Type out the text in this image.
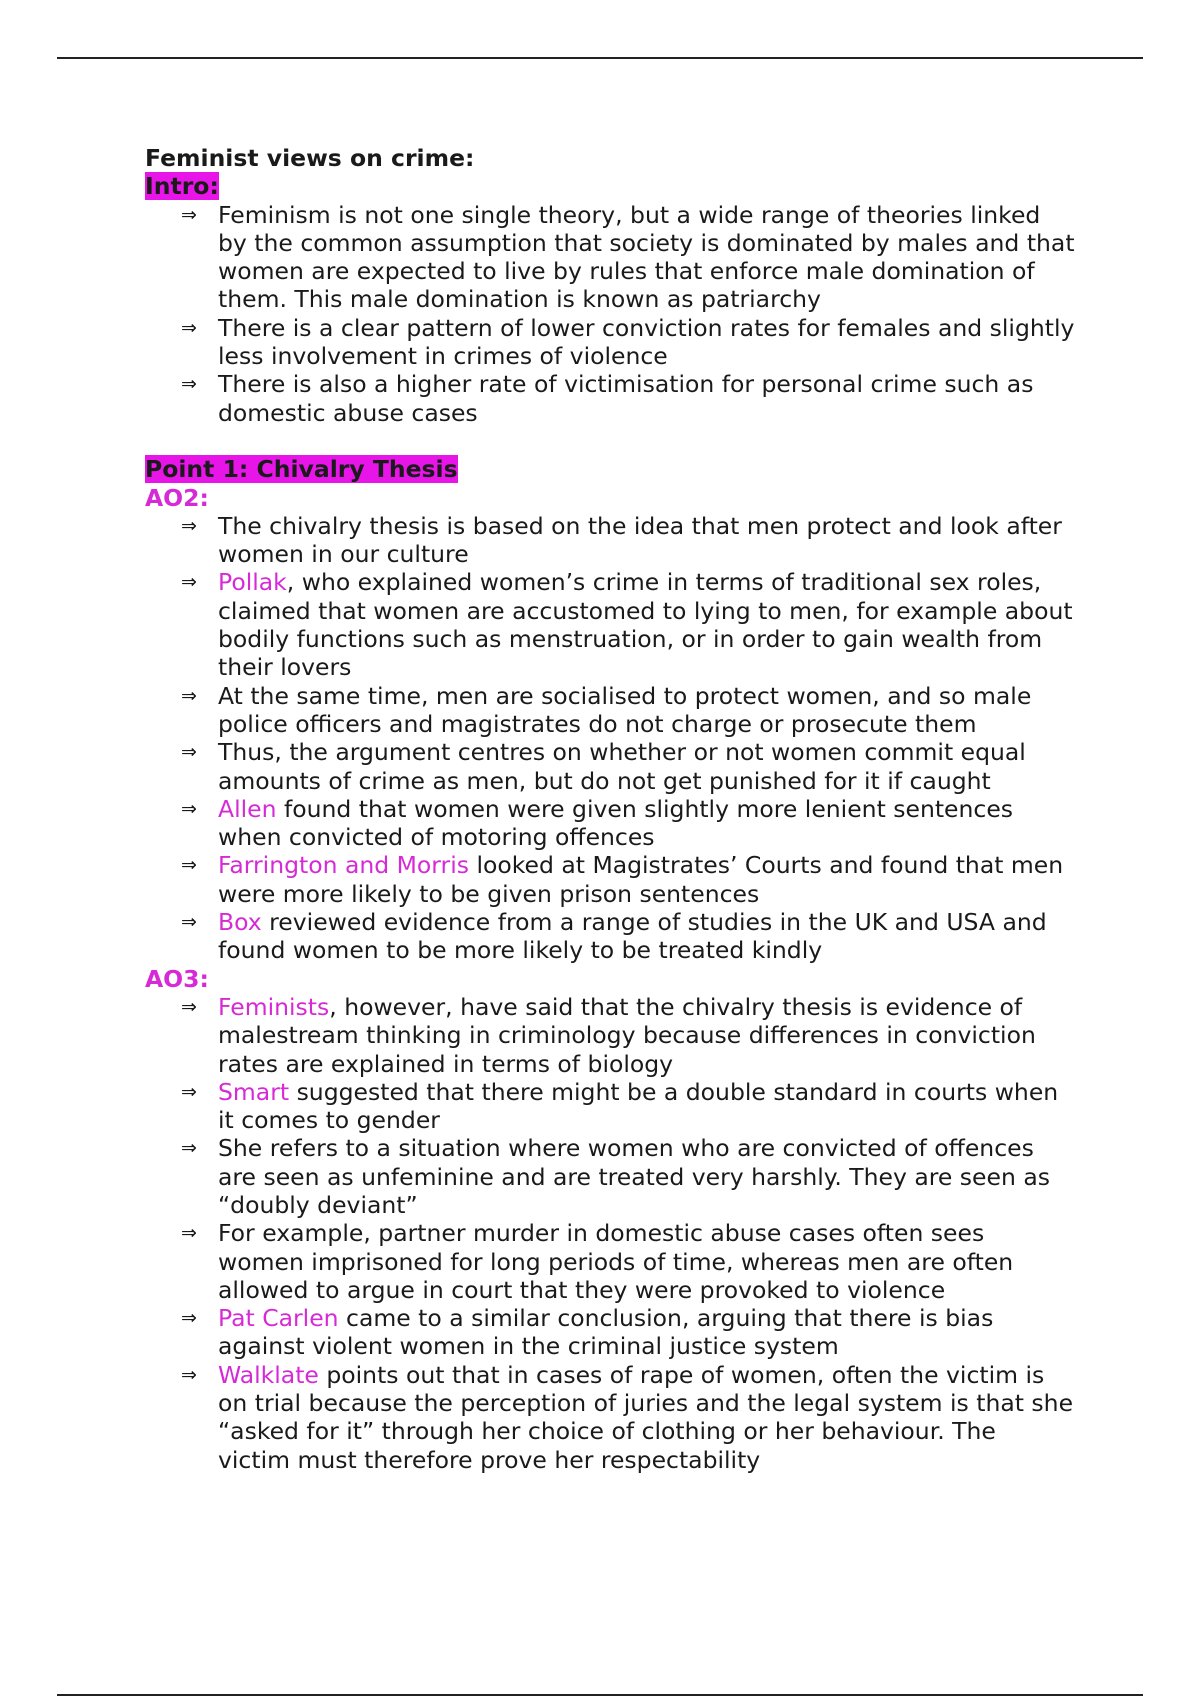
Feminist views on crime:

Intro:

⇒ Feminism is not one single theory, but a wide range of theories linked by the common assumption that society is dominated by males and that women are expected to live by rules that enforce male domination of them. This male domination is known as patriarchy
⇒ There is a clear pattern of lower conviction rates for females and slightly less involvement in crimes of violence
⇒ There is also a higher rate of victimisation for personal crime such as domestic abuse cases

Point 1: Chivalry Thesis

AO2:

⇒ The chivalry thesis is based on the idea that men protect and look after women in our culture
⇒ Pollak, who explained women’s crime in terms of traditional sex roles, claimed that women are accustomed to lying to men, for example about bodily functions such as menstruation, or in order to gain wealth from their lovers
⇒ At the same time, men are socialised to protect women, and so male police officers and magistrates do not charge or prosecute them
⇒ Thus, the argument centres on whether or not women commit equal amounts of crime as men, but do not get punished for it if caught
⇒ Allen found that women were given slightly more lenient sentences when convicted of motoring offences
⇒ Farrington and Morris looked at Magistrates’ Courts and found that men were more likely to be given prison sentences
⇒ Box reviewed evidence from a range of studies in the UK and USA and found women to be more likely to be treated kindly

AO3:

⇒ Feminists, however, have said that the chivalry thesis is evidence of malestream thinking in criminology because differences in conviction rates are explained in terms of biology
⇒ Smart suggested that there might be a double standard in courts when it comes to gender
⇒ She refers to a situation where women who are convicted of offences are seen as unfeminine and are treated very harshly. They are seen as “doubly deviant”
⇒ For example, partner murder in domestic abuse cases often sees women imprisoned for long periods of time, whereas men are often allowed to argue in court that they were provoked to violence
⇒ Pat Carlen came to a similar conclusion, arguing that there is bias against violent women in the criminal justice system
⇒ Walklate points out that in cases of rape of women, often the victim is on trial because the perception of juries and the legal system is that she “asked for it” through her choice of clothing or her behaviour. The victim must therefore prove her respectability
